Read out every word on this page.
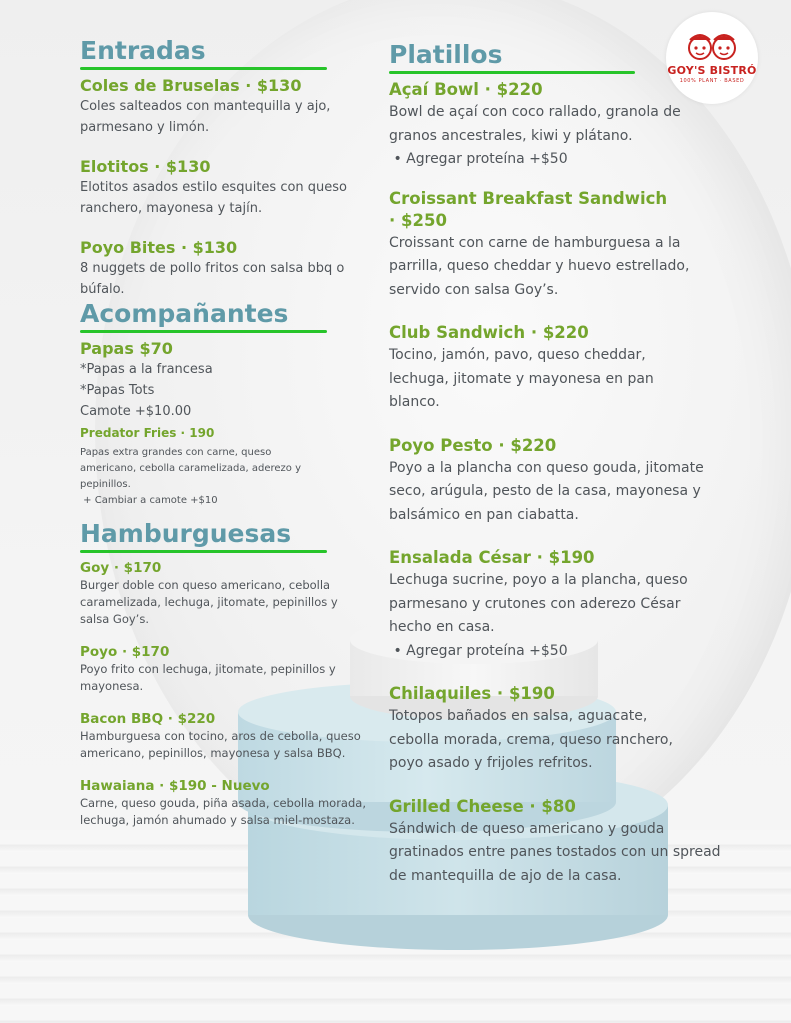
GOY'S BISTRÓ
100% PLANT · BASED
Entradas

Coles de Bruselas · $130

Coles salteados con mantequilla y ajo, parmesano y limón.

Elotitos · $130

Elotitos asados estilo esquites con queso ranchero, mayonesa y tajín.

Poyo Bites · $130

8 nuggets de pollo fritos con salsa bbq o búfalo.

Acompañantes

Papas $70

*Papas a la francesa

*Papas Tots

Camote +$10.00

Predator Fries · 190

Papas extra grandes con carne, queso americano, cebolla caramelizada, aderezo y pepinillos.

+ Cambiar a camote +$10

Hamburguesas

Goy · $170

Burger doble con queso americano, cebolla caramelizada, lechuga, jitomate, pepinillos y salsa Goy’s.

Poyo · $170

Poyo frito con lechuga, jitomate, pepinillos y mayonesa.

Bacon BBQ · $220

Hamburguesa con tocino, aros de cebolla, queso americano, pepinillos, mayonesa y salsa BBQ.

Hawaiana · $190 - Nuevo

Carne, queso gouda, piña asada, cebolla morada, lechuga, jamón ahumado y salsa miel-mostaza.

Platillos

Açaí Bowl · $220

Bowl de açaí con coco rallado, granola de granos ancestrales, kiwi y plátano.

• Agregar proteína +$50

Croissant Breakfast Sandwich · $250

Croissant con carne de hamburguesa a la parrilla, queso cheddar y huevo estrellado, servido con salsa Goy’s.

Club Sandwich · $220

Tocino, jamón, pavo, queso cheddar, lechuga, jitomate y mayonesa en pan blanco.

Poyo Pesto · $220

Poyo a la plancha con queso gouda, jitomate seco, arúgula, pesto de la casa, mayonesa y balsámico en pan ciabatta.

Ensalada César · $190

Lechuga sucrine, poyo a la plancha, queso parmesano y crutones con aderezo César hecho en casa.

• Agregar proteína +$50

Chilaquiles · $190

Totopos bañados en salsa, aguacate, cebolla morada, crema, queso ranchero, poyo asado y frijoles refritos.

Grilled Cheese · $80

Sándwich de queso americano y gouda gratinados entre panes tostados con un spread de mantequilla de ajo de la casa.
